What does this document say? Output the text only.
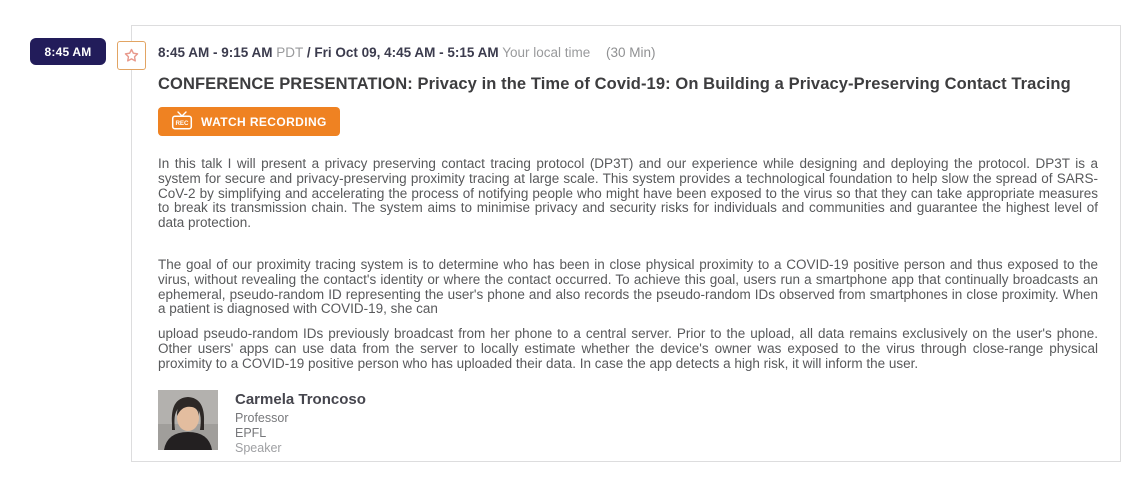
8:45 AM	8:45 AM - 9:15 AM PDT / Fri Oct 09, 4:45 AM - 5:15 AM Your local time (30 Min)
CONFERENCE PRESENTATION: Privacy in the Time of Covid-19: On Building a Privacy-Preserving Contact Tracing
REC WATCH RECORDING

In this talk I will present a privacy preserving contact tracing protocol (DP3T) and our experience while designing and deploying the protocol. DP3T is a system for secure and privacy-preserving proximity tracing at large scale. This system provides a technological foundation to help slow the spread of SARS-CoV-2 by simplifying and accelerating the process of notifying people who might have been exposed to the virus so that they can take appropriate measures to break its transmission chain. The system aims to minimise privacy and security risks for individuals and communities and guarantee the highest level of data protection.

The goal of our proximity tracing system is to determine who has been in close physical proximity to a COVID-19 positive person and thus exposed to the virus, without revealing the contact's identity or where the contact occurred. To achieve this goal, users run a smartphone app that continually broadcasts an ephemeral, pseudo-random ID representing the user's phone and also records the pseudo-random IDs observed from smartphones in close proximity. When a patient is diagnosed with COVID-19, she can

upload pseudo-random IDs previously broadcast from her phone to a central server. Prior to the upload, all data remains exclusively on the user's phone. Other users' apps can use data from the server to locally estimate whether the device's owner was exposed to the virus through close-range physical proximity to a COVID-19 positive person who has uploaded their data. In case the app detects a high risk, it will inform the user.

Carmela Troncoso
Professor
EPFL
Speaker
